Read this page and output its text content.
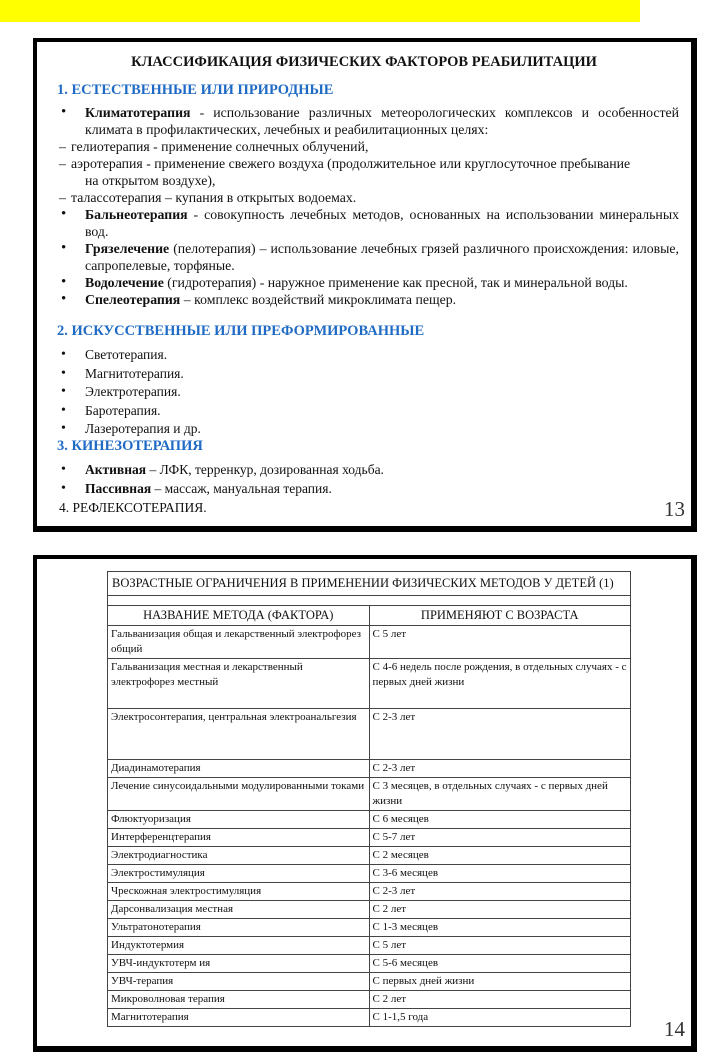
КЛАССИФИКАЦИЯ ФИЗИЧЕСКИХ ФАКТОРОВ РЕАБИЛИТАЦИИ
1. ЕСТЕСТВЕННЫЕ ИЛИ ПРИРОДНЫЕ
• Климатотерапия - использование различных метеорологических комплексов и особенностей климата в профилактических, лечебных и реабилитационных целях:
– гелиотерапия - применение солнечных облучений,
– аэротерапия - применение свежего воздуха (продолжительное или круглосуточное пребывание
на открытом воздухе),
– талассотерапия – купания в открытых водоемах.
• Бальнеотерапия - совокупность лечебных методов, основанных на использовании минеральных вод.
• Грязелечение (пелотерапия) – использование лечебных грязей различного происхождения: иловые, сапропелевые, торфяные.
• Водолечение (гидротерапия) - наружное применение как пресной, так и минеральной воды.
• Спелеотерапия – комплекс воздействий микроклимата пещер.
2. ИСКУССТВЕННЫЕ ИЛИ ПРЕФОРМИРОВАННЫЕ
• Светотерапия.
• Магнитотерапия.
• Электротерапия.
• Баротерапия.
• Лазеротерапия и др.
3. КИНЕЗОТЕРАПИЯ
• Активная – ЛФК, терренкур, дозированная ходьба.
• Пассивная – массаж, мануальная терапия.
4. РЕФЛЕКСОТЕРАПИЯ.	13
ВОЗРАСТНЫЕ ОГРАНИЧЕНИЯ В ПРИМЕНЕНИИ ФИЗИЧЕСКИХ МЕТОДОВ У ДЕТЕЙ (1)	

НАЗВАНИЕ МЕТОДА (ФАКТОРА)	ПРИМЕНЯЮТ С ВОЗРАСТА
Гальванизация общая и лекарственный электрофорез общий	С 5 лет
Гальванизация местная и лекарственный электрофорез местный	С 4-6 недель после рождения, в отдельных случаях - с первых дней жизни
Электросонтерапия, центральная электроанальгезия	С 2-3 лет
Диадинамотерапия	С 2-3 лет
Лечение синусоидальными модулированными токами	С 3 месяцев, в отдельных случаях - с первых дней жизни
Флюктуоризация	С 6 месяцев
Интерференцтерапия	С 5-7 лет
Электродиагностика	С 2 месяцев
Электростимуляция	С 3-6 месяцев
Чрескожная электростимуляция	С 2-3 лет
Дарсонвализация местная	С 2 лет
Ультратонотерапия	С 1-3 месяцев
Индуктотермия	С 5 лет
УВЧ-индуктотерм ия	С 5-6 месяцев
УВЧ-терапия	С первых дней жизни
Микроволновая терапия	С 2 лет
Магнитотерапия	С 1-1,5 года	14
